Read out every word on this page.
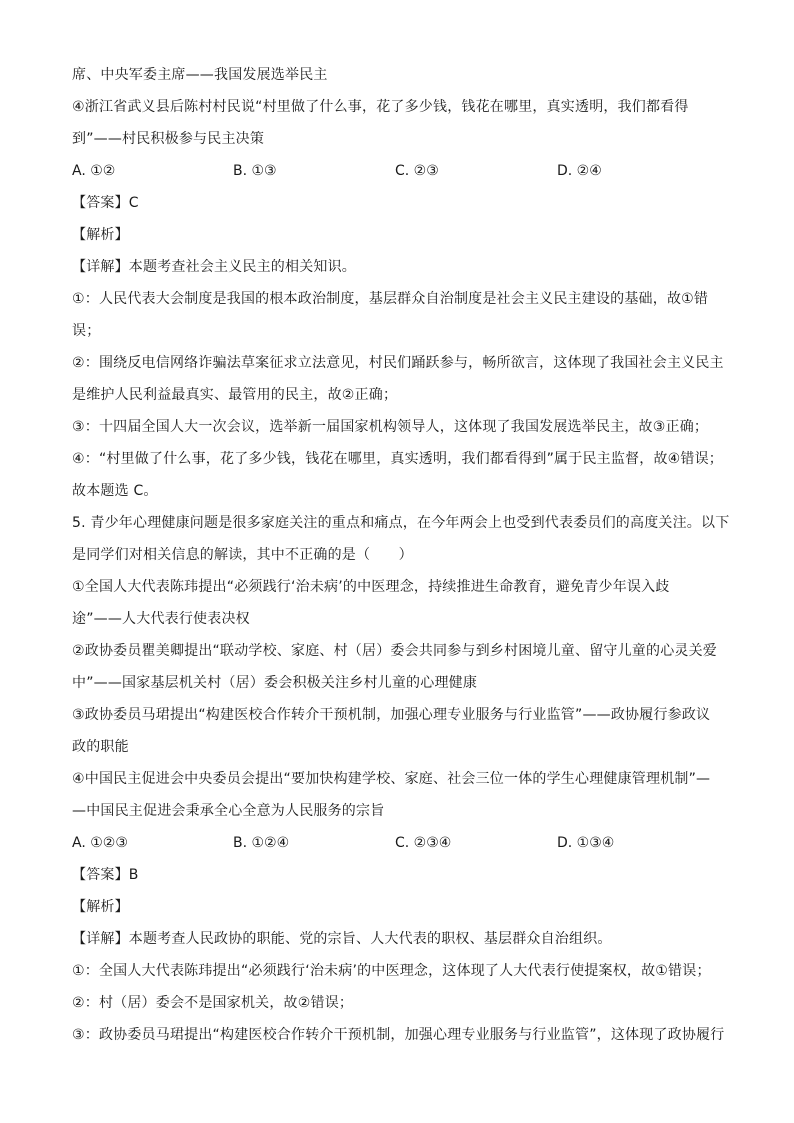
席、中央军委主席——我国发展选举民主
④浙江省武义县后陈村村民说“村里做了什么事，花了多少钱，钱花在哪里，真实透明，我们都看得
到”——村民积极参与民主决策
A. ①②	B. ①③	C. ②③	D. ②④
【答案】C
【解析】
【详解】本题考查社会主义民主的相关知识。
①：人民代表大会制度是我国的根本政治制度，基层群众自治制度是社会主义民主建设的基础，故①错
误；
②：围绕反电信网络诈骗法草案征求立法意见，村民们踊跃参与，畅所欲言，这体现了我国社会主义民主
是维护人民利益最真实、最管用的民主，故②正确；
③：十四届全国人大一次会议，选举新一届国家机构领导人，这体现了我国发展选举民主，故③正确；
④：“村里做了什么事，花了多少钱，钱花在哪里，真实透明，我们都看得到”属于民主监督，故④错误；
故本题选 C。
5. 青少年心理健康问题是很多家庭关注的重点和痛点，在今年两会上也受到代表委员们的高度关注。以下
是同学们对相关信息的解读，其中不正确的是（　　）
①全国人大代表陈玮提出“必须践行‘治未病’的中医理念，持续推进生命教育，避免青少年误入歧
途”——人大代表行使表决权
②政协委员瞿美卿提出“联动学校、家庭、村（居）委会共同参与到乡村困境儿童、留守儿童的心灵关爱
中”——国家基层机关村（居）委会积极关注乡村儿童的心理健康
③政协委员马珺提出“构建医校合作转介干预机制，加强心理专业服务与行业监管”——政协履行参政议
政的职能
④中国民主促进会中央委员会提出“要加快构建学校、家庭、社会三位一体的学生心理健康管理机制”—
—中国民主促进会秉承全心全意为人民服务的宗旨
A. ①②③	B. ①②④	C. ②③④	D. ①③④
【答案】B
【解析】
【详解】本题考查人民政协的职能、党的宗旨、人大代表的职权、基层群众自治组织。
①：全国人大代表陈玮提出“必须践行‘治未病’的中医理念，这体现了人大代表行使提案权，故①错误；
②：村（居）委会不是国家机关，故②错误；
③：政协委员马珺提出“构建医校合作转介干预机制，加强心理专业服务与行业监管”，这体现了政协履行
